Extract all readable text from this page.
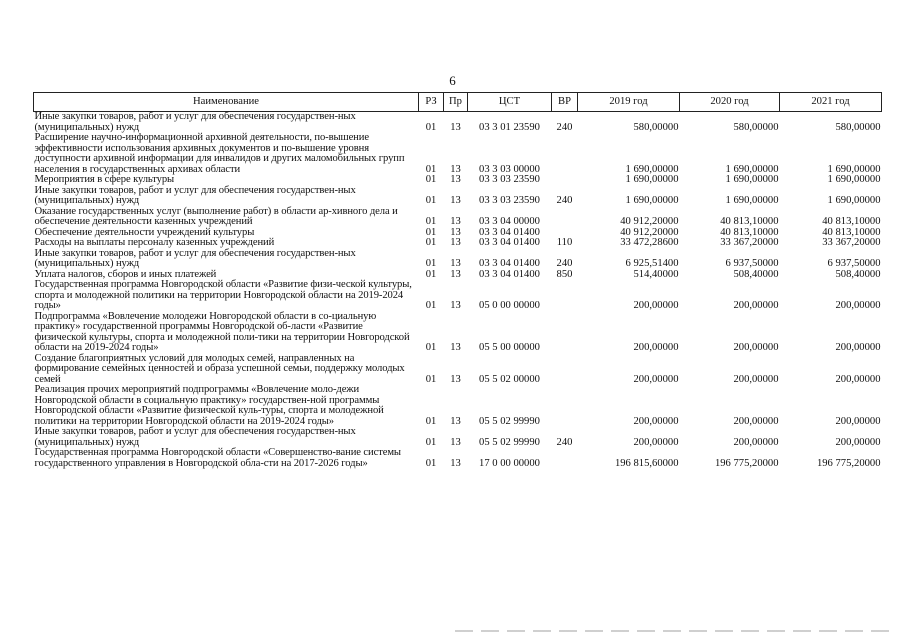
6
Наименование	РЗ	Пр	ЦСТ	ВР	2019 год	2020 год	2021 год
Иные закупки товаров, работ и услуг для обеспечения государствен-ных (муниципальных) нужд	01	13	03 3 01 23590	240	580,00000	580,00000	580,00000
Расширение научно-информационной архивной деятельности, по-вышение эффективности использования архивных документов и по-вышение уровня доступности архивной информации для инвалидов и других маломобильных групп населения в государственных архивах области	01	13	03 3 03 00000		1 690,00000	1 690,00000	1 690,00000
Мероприятия в сфере культуры	01	13	03 3 03 23590		1 690,00000	1 690,00000	1 690,00000
Иные закупки товаров, работ и услуг для обеспечения государствен-ных (муниципальных) нужд	01	13	03 3 03 23590	240	1 690,00000	1 690,00000	1 690,00000
Оказание государственных услуг (выполнение работ) в области ар-хивного дела и обеспечение деятельности казенных учреждений	01	13	03 3 04 00000		40 912,20000	40 813,10000	40 813,10000
Обеспечение деятельности учреждений культуры	01	13	03 3 04 01400		40 912,20000	40 813,10000	40 813,10000
Расходы на выплаты персоналу казенных учреждений	01	13	03 3 04 01400	110	33 472,28600	33 367,20000	33 367,20000
Иные закупки товаров, работ и услуг для обеспечения государствен-ных (муниципальных) нужд	01	13	03 3 04 01400	240	6 925,51400	6 937,50000	6 937,50000
Уплата налогов, сборов и иных платежей	01	13	03 3 04 01400	850	514,40000	508,40000	508,40000
Государственная программа Новгородской области «Развитие физи-ческой культуры, спорта и молодежной политики на территории Новгородской области на 2019-2024 годы»	01	13	05 0 00 00000		200,00000	200,00000	200,00000
Подпрограмма «Вовлечение молодежи Новгородской области в со-циальную практику» государственной программы Новгородской об-ласти «Развитие физической культуры, спорта и молодежной поли-тики на территории Новгородской области на 2019-2024 годы»	01	13	05 5 00 00000		200,00000	200,00000	200,00000
Создание благоприятных условий для молодых семей, направленных на формирование семейных ценностей и образа успешной семьи, поддержку молодых семей	01	13	05 5 02 00000		200,00000	200,00000	200,00000
Реализация прочих мероприятий подпрограммы «Вовлечение моло-дежи Новгородской области в социальную практику» государствен-ной программы Новгородской области «Развитие физической куль-туры, спорта и молодежной политики на территории Новгородской области на 2019-2024 годы»	01	13	05 5 02 99990		200,00000	200,00000	200,00000
Иные закупки товаров, работ и услуг для обеспечения государствен-ных (муниципальных) нужд	01	13	05 5 02 99990	240	200,00000	200,00000	200,00000
Государственная программа Новгородской области «Совершенство-вание системы государственного управления в Новгородской обла-сти на 2017-2026 годы»	01	13	17 0 00 00000		196 815,60000	196 775,20000	196 775,20000
